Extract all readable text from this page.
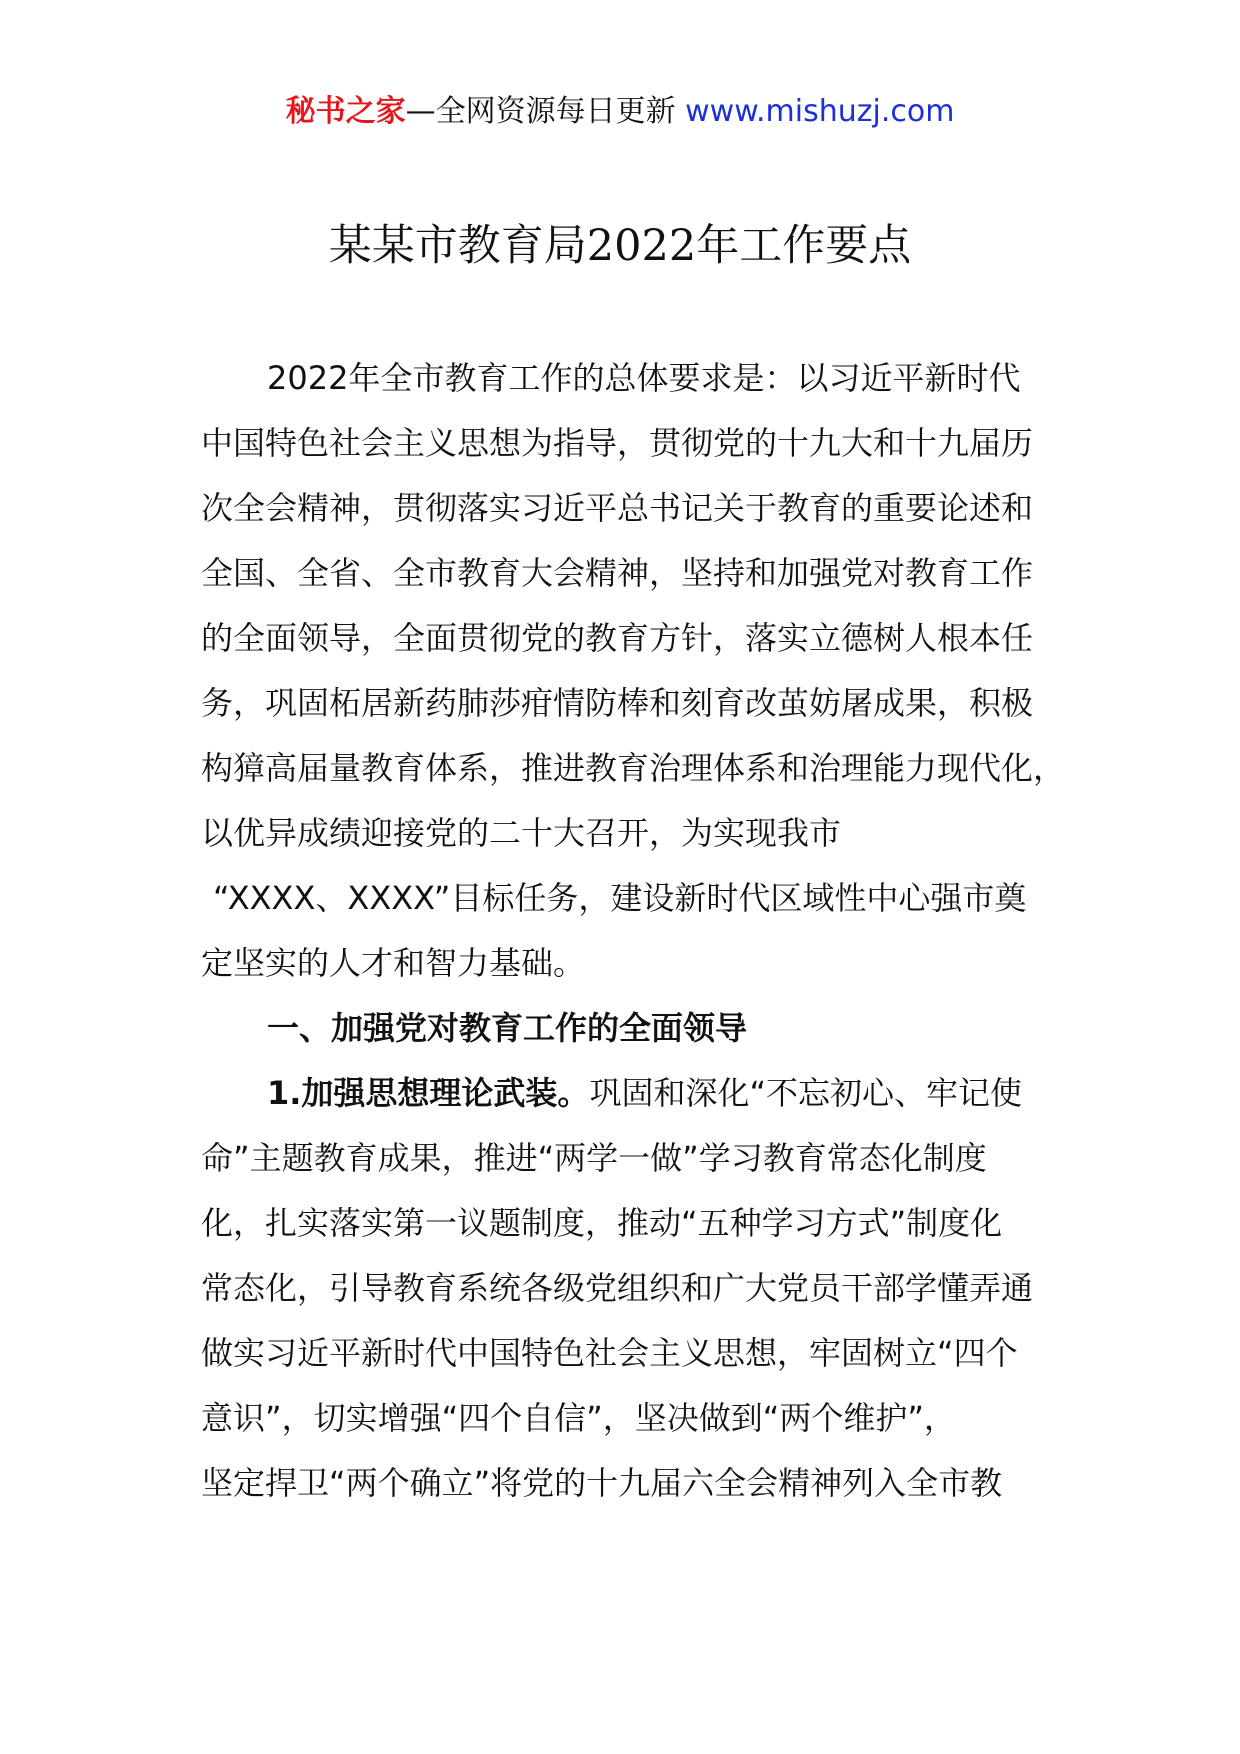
秘书之家—全网资源每日更新 www.mishuzj.com
某某市教育局2022年工作要点
2022年全市教育工作的总体要求是：以习近平新时代
中国特色社会主义思想为指导，贯彻党的十九大和十九届历
次全会精神，贯彻落实习近平总书记关于教育的重要论述和
全国、全省、全市教育大会精神，坚持和加强党对教育工作
的全面领导，全面贯彻党的教育方针，落实立德树人根本任
务，巩固柘居新药肺莎疳情防棒和刻育改茧妨屠成果，积极
构獐高届量教育体系，推进教育治理体系和治理能力现代化，
以优异成绩迎接党的二十大召开，为实现我市
“XXXX、XXXX”目标任务，建设新时代区域性中心强市奠
定坚实的人才和智力基础。
一、加强党对教育工作的全面领导
1.加强思想理论武装。巩固和深化“不忘初心、牢记使
命”主题教育成果，推进“两学一做”学习教育常态化制度
化，扎实落实第一议题制度，推动“五种学习方式”制度化
常态化，引导教育系统各级党组织和广大党员干部学懂弄通
做实习近平新时代中国特色社会主义思想，牢固树立“四个
意识”，切实增强“四个自信”，坚决做到“两个维护”，
坚定捍卫“两个确立”将党的十九届六全会精神列入全市教
